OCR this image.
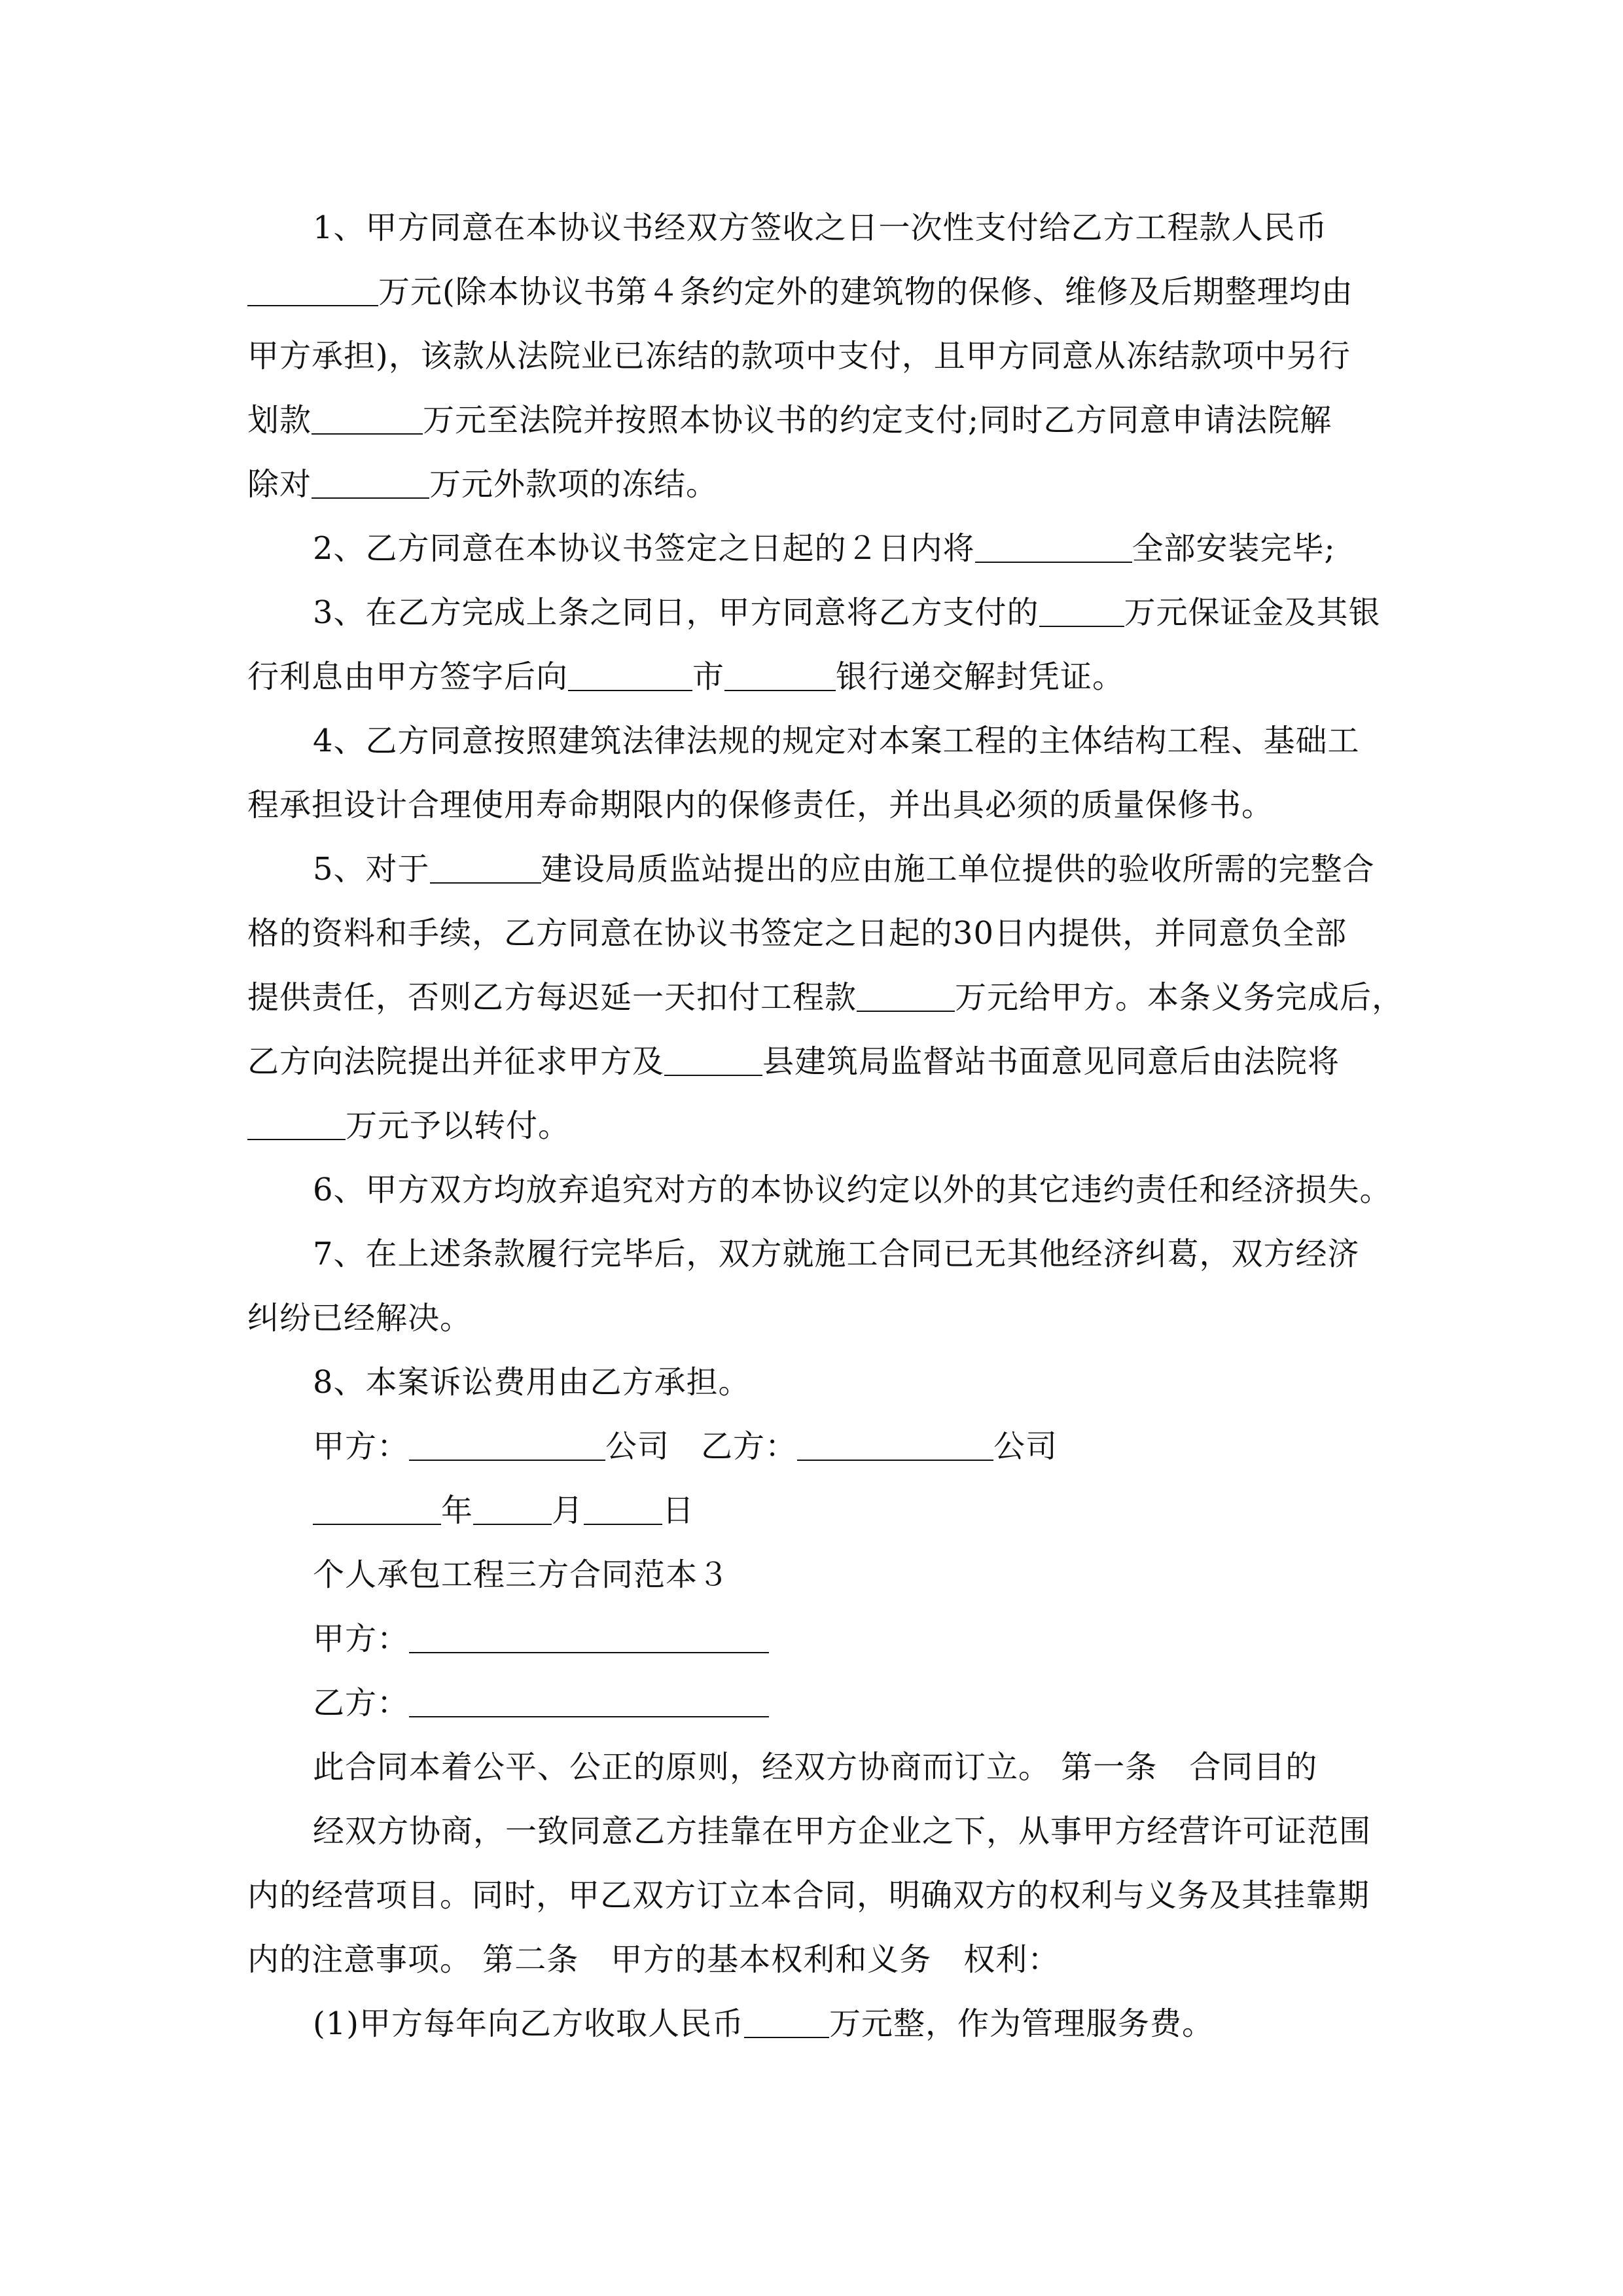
1、甲方同意在本协议书经双方签收之日一次性支付给乙方工程款人民币
万元(除本协议书第４条约定外的建筑物的保修、维修及后期整理均由
甲方承担)，该款从法院业已冻结的款项中支付，且甲方同意从冻结款项中另行
划款	万元至法院并按照本协议书的约定支付;同时乙方同意申请法院解
除对	万元外款项的冻结。
2、乙方同意在本协议书签定之日起的２日内将	全部安装完毕;
3、在乙方完成上条之同日，甲方同意将乙方支付的	万元保证金及其银
行利息由甲方签字后向	市	银行递交解封凭证。
4、乙方同意按照建筑法律法规的规定对本案工程的主体结构工程、基础工
程承担设计合理使用寿命期限内的保修责任，并出具必须的质量保修书。
5、对于	建设局质监站提出的应由施工单位提供的验收所需的完整合
格的资料和手续，乙方同意在协议书签定之日起的30日内提供，并同意负全部
提供责任，否则乙方每迟延一天扣付工程款	万元给甲方。本条义务完成后，
乙方向法院提出并征求甲方及	县建筑局监督站书面意见同意后由法院将
万元予以转付。
6、甲方双方均放弃追究对方的本协议约定以外的其它违约责任和经济损失。
7、在上述条款履行完毕后，双方就施工合同已无其他经济纠葛，双方经济
纠纷已经解决。
8、本案诉讼费用由乙方承担。
甲方：	公司 乙方：	公司
年	月	日
个人承包工程三方合同范本３
甲方：
乙方：
此合同本着公平、公正的原则，经双方协商而订立。 第一条　合同目的
经双方协商，一致同意乙方挂靠在甲方企业之下，从事甲方经营许可证范围
内的经营项目。同时，甲乙双方订立本合同，明确双方的权利与义务及其挂靠期
内的注意事项。 第二条　甲方的基本权利和义务　权利：
(1)甲方每年向乙方收取人民币	万元整，作为管理服务费。
